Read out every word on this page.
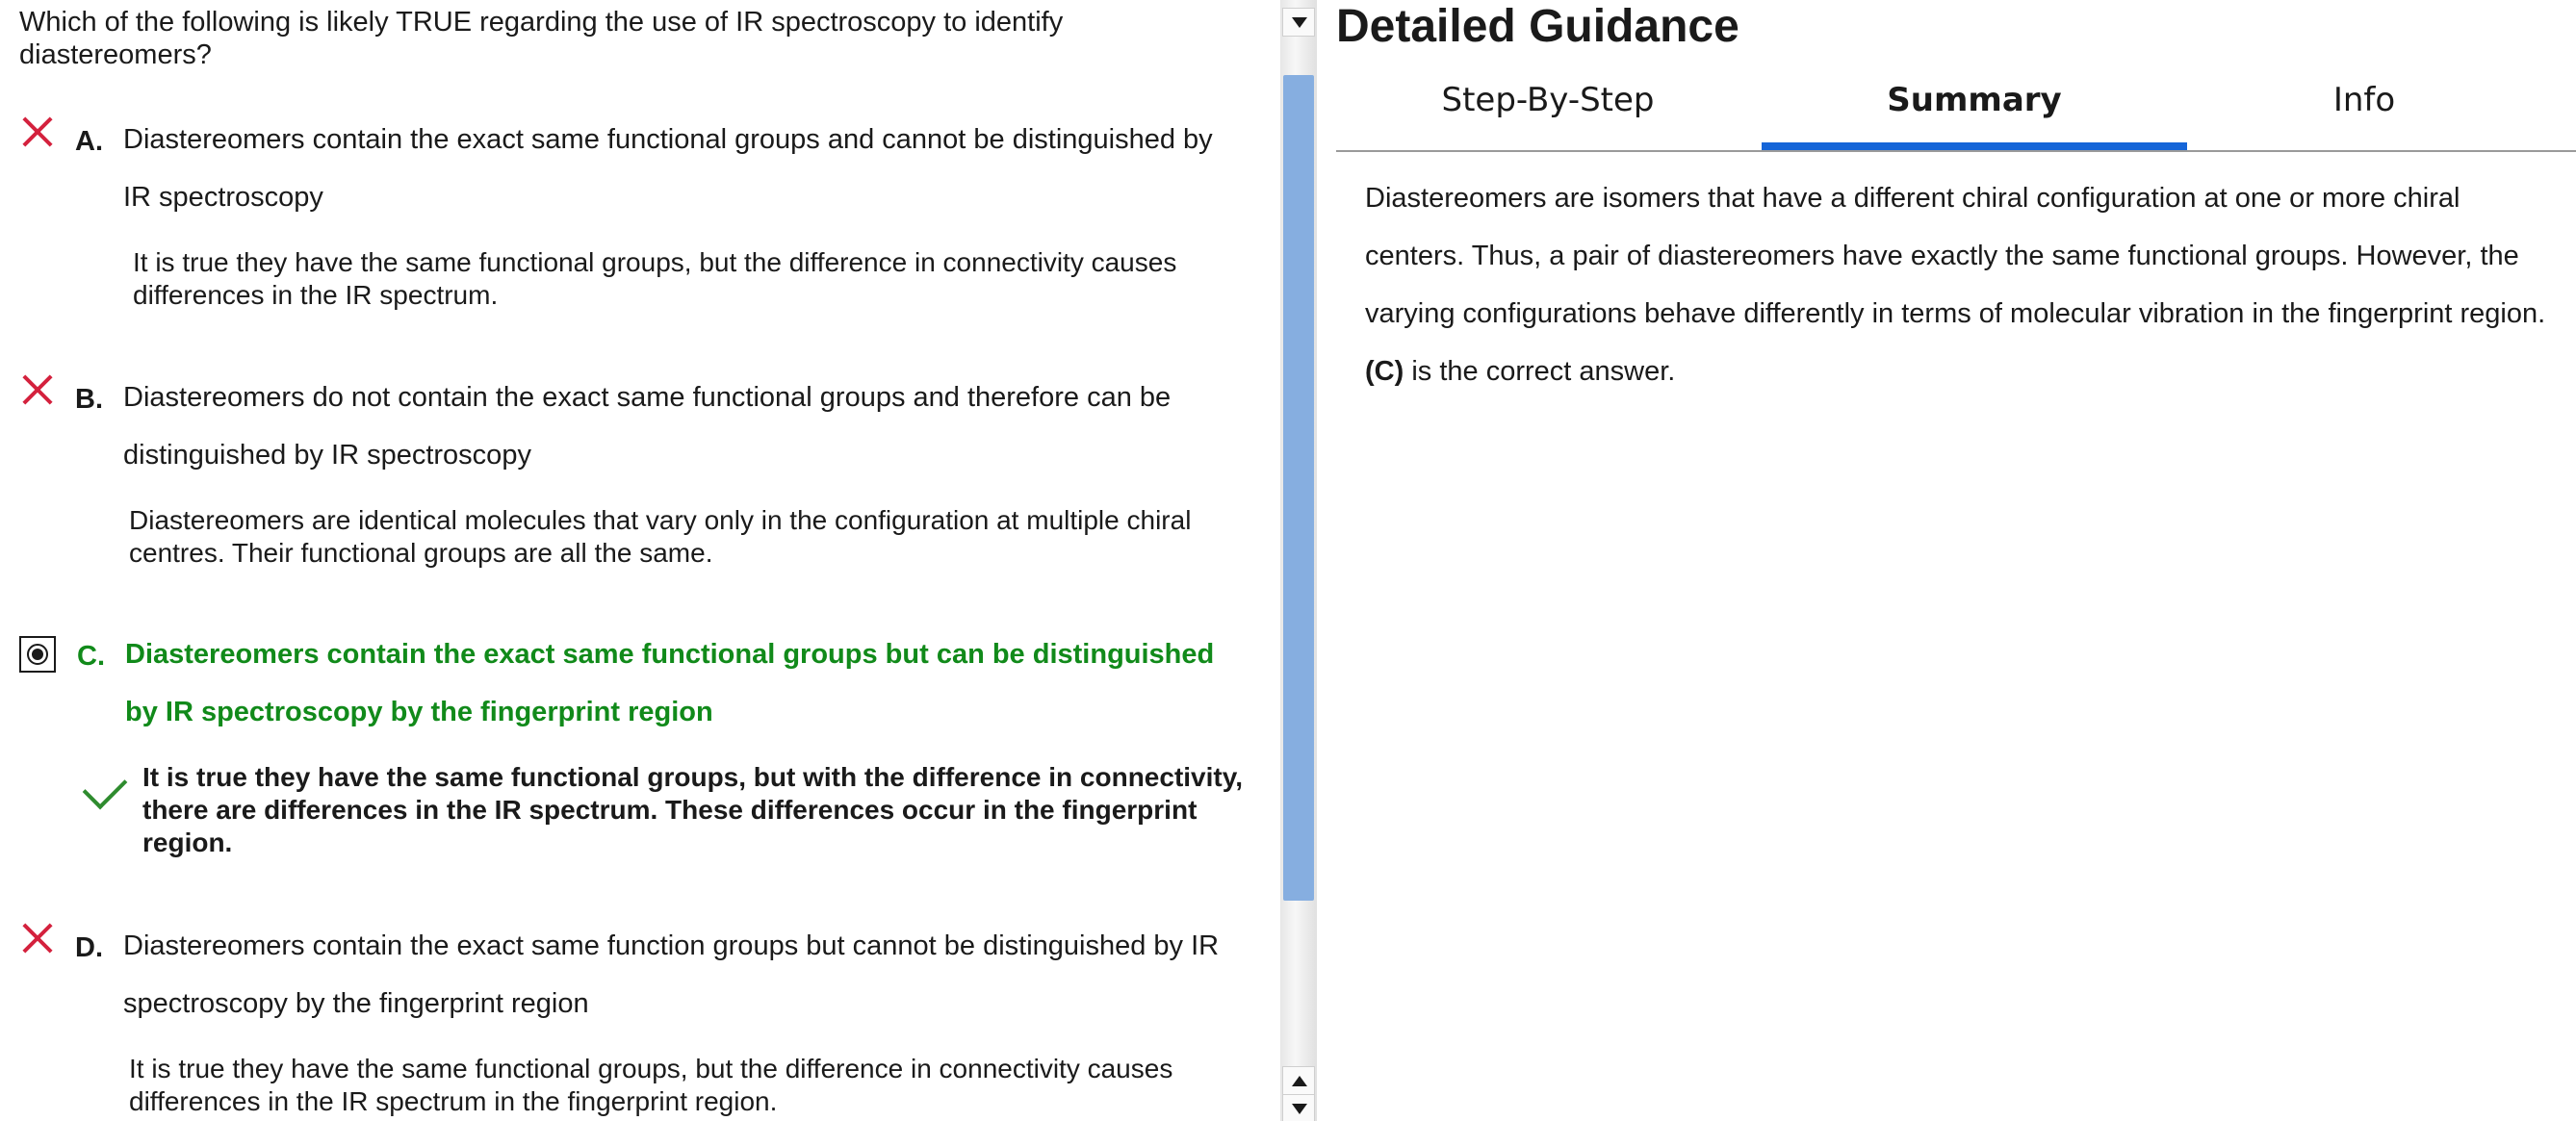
Which of the following is likely TRUE regarding the use of IR spectroscopy to identify diastereomers?
A. Diastereomers contain the exact same functional groups and cannot be distinguished by
IR spectroscopy
It is true they have the same functional groups, but the difference in connectivity causes differences in the IR spectrum.
B. Diastereomers do not contain the exact same functional groups and therefore can be
distinguished by IR spectroscopy
Diastereomers are identical molecules that vary only in the configuration at multiple chiral centres. Their functional groups are all the same.
C. Diastereomers contain the exact same functional groups but can be distinguished
by IR spectroscopy by the fingerprint region
It is true they have the same functional groups, but with the difference in connectivity, there are differences in the IR spectrum. These differences occur in the fingerprint region.
D. Diastereomers contain the exact same function groups but cannot be distinguished by IR
spectroscopy by the fingerprint region
It is true they have the same functional groups, but the difference in connectivity causes differences in the IR spectrum in the fingerprint region.
Detailed Guidance
Step-By-Step	Summary	Info
Diastereomers are isomers that have a different chiral configuration at one or more chiral centers. Thus, a pair of diastereomers have exactly the same functional groups. However, the varying configurations behave differently in terms of molecular vibration in the fingerprint region. (C) is the correct answer.
